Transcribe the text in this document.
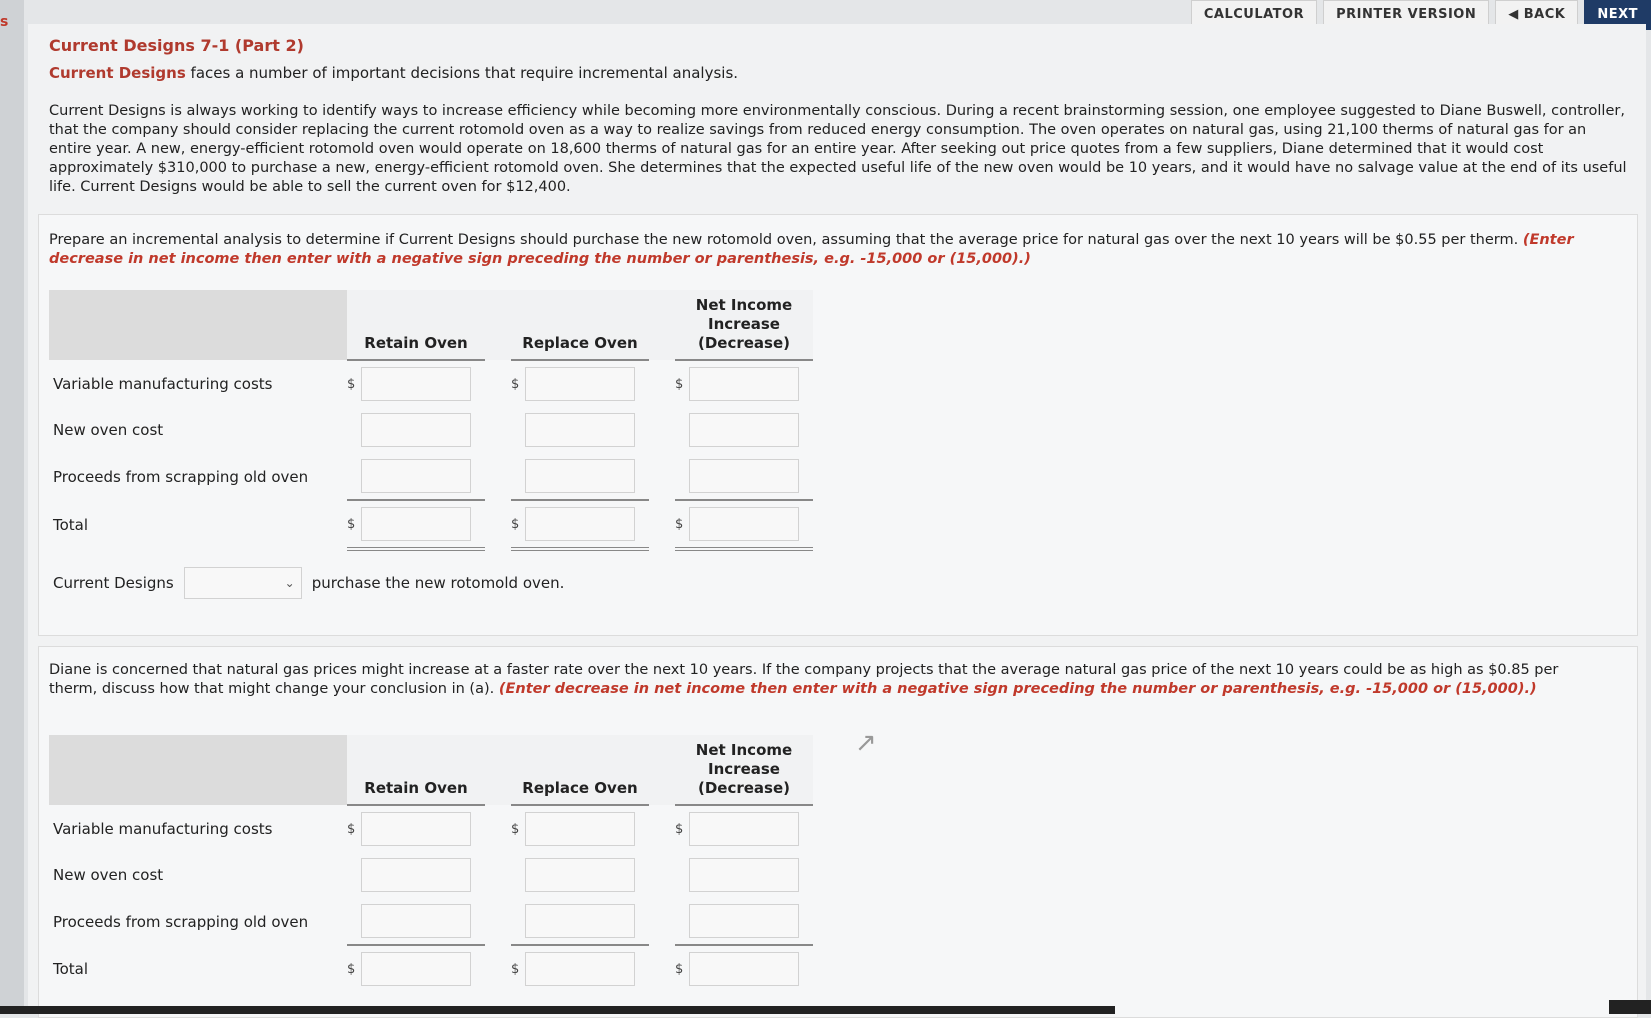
s	CALCULATOR	PRINTER VERSION	◀ BACK	NEXT
Current Designs 7-1 (Part 2)
Current Designs faces a number of important decisions that require incremental analysis.
Current Designs is always working to identify ways to increase efficiency while becoming more environmentally conscious. During a recent brainstorming session, one employee suggested to Diane Buswell, controller, that the company should consider replacing the current rotomold oven as a way to realize savings from reduced energy consumption. The oven operates on natural gas, using 21,100 therms of natural gas for an entire year. A new, energy-efficient rotomold oven would operate on 18,600 therms of natural gas for an entire year. After seeking out price quotes from a few suppliers, Diane determined that it would cost approximately $310,000 to purchase a new, energy-efficient rotomold oven. She determines that the expected useful life of the new oven would be 10 years, and it would have no salvage value at the end of its useful life. Current Designs would be able to sell the current oven for $12,400.
Prepare an incremental analysis to determine if Current Designs should purchase the new rotomold oven, assuming that the average price for natural gas over the next 10 years will be $0.55 per therm. (Enter decrease in net income then enter with a negative sign preceding the number or parenthesis, e.g. -15,000 or (15,000).)
	Retain Oven		Replace Oven		Net Income Increase (Decrease)
Variable manufacturing costs	$		$		$

New oven cost	

Proceeds from scrapping old oven	

Total	$		$		$
Current Designs	⌄ purchase the new rotomold oven.
Diane is concerned that natural gas prices might increase at a faster rate over the next 10 years. If the company projects that the average natural gas price of the next 10 years could be as high as $0.85 per therm, discuss how that might change your conclusion in (a). (Enter decrease in net income then enter with a negative sign preceding the number or parenthesis, e.g. -15,000 or (15,000).)
	Retain Oven		Replace Oven		Net Income Increase (Decrease)
Variable manufacturing costs	$		$		$

New oven cost	

Proceeds from scrapping old oven	

Total	$		$		$
↗
